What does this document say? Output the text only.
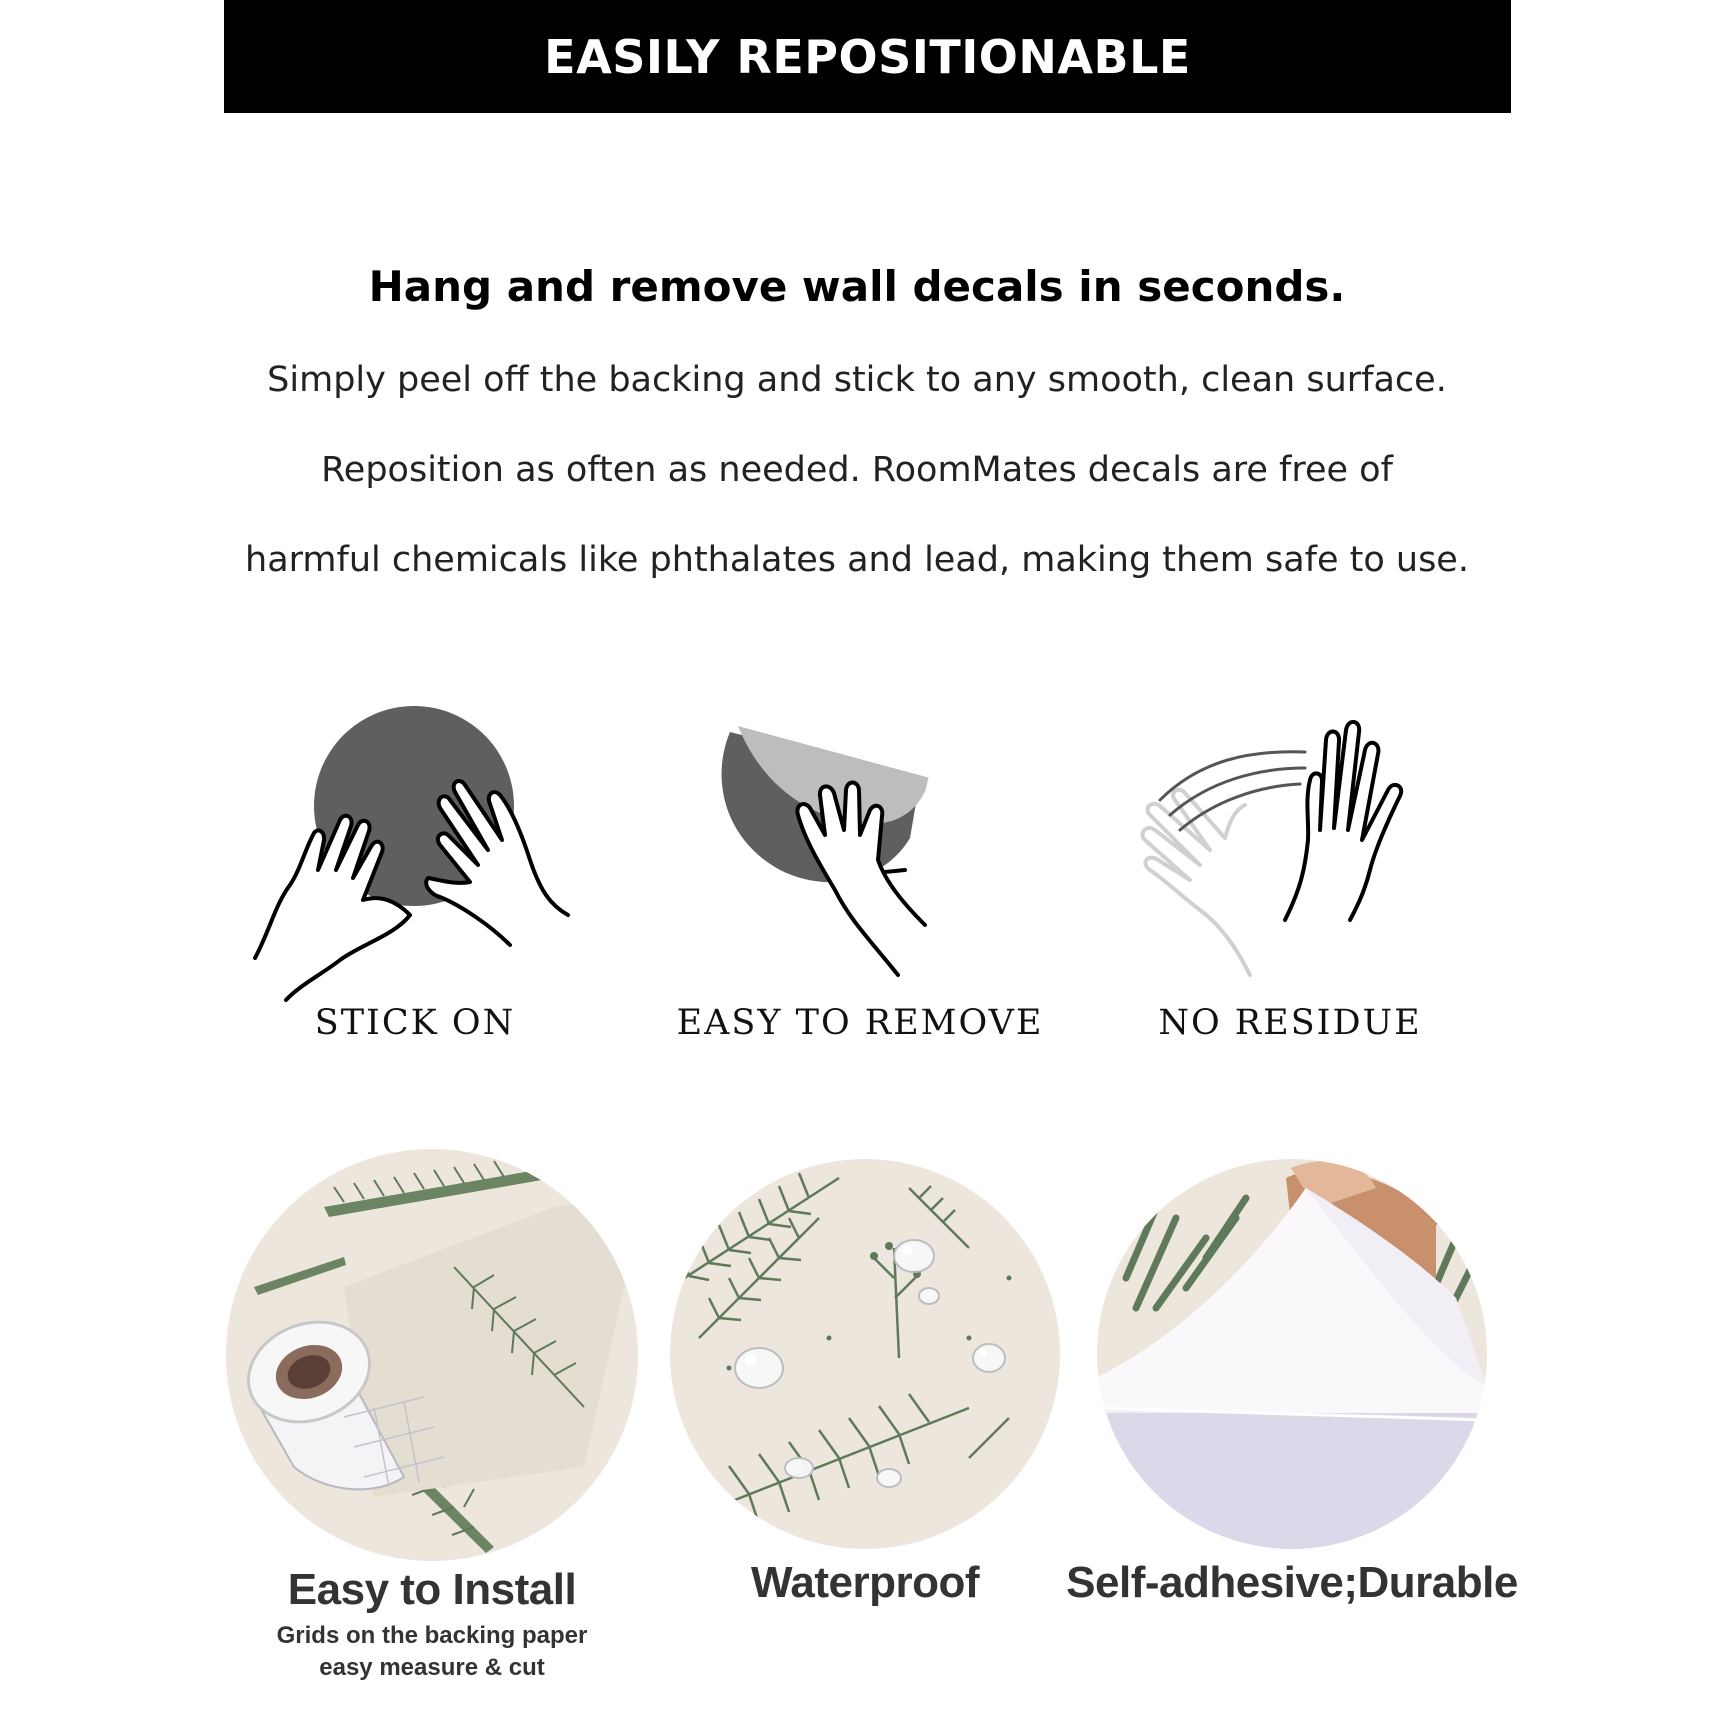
EASILY REPOSITIONABLE
Hang and remove wall decals in seconds.
Simply peel off the backing and stick to any smooth, clean surface.
Reposition as often as needed. RoomMates decals are free of
harmful chemicals like phthalates and lead, making them safe to use.
STICK ON	EASY TO REMOVE	NO RESIDUE
Easy to Install
Grids on the backing paper
easy measure & cut
Waterproof	Self-adhesive;Durable
